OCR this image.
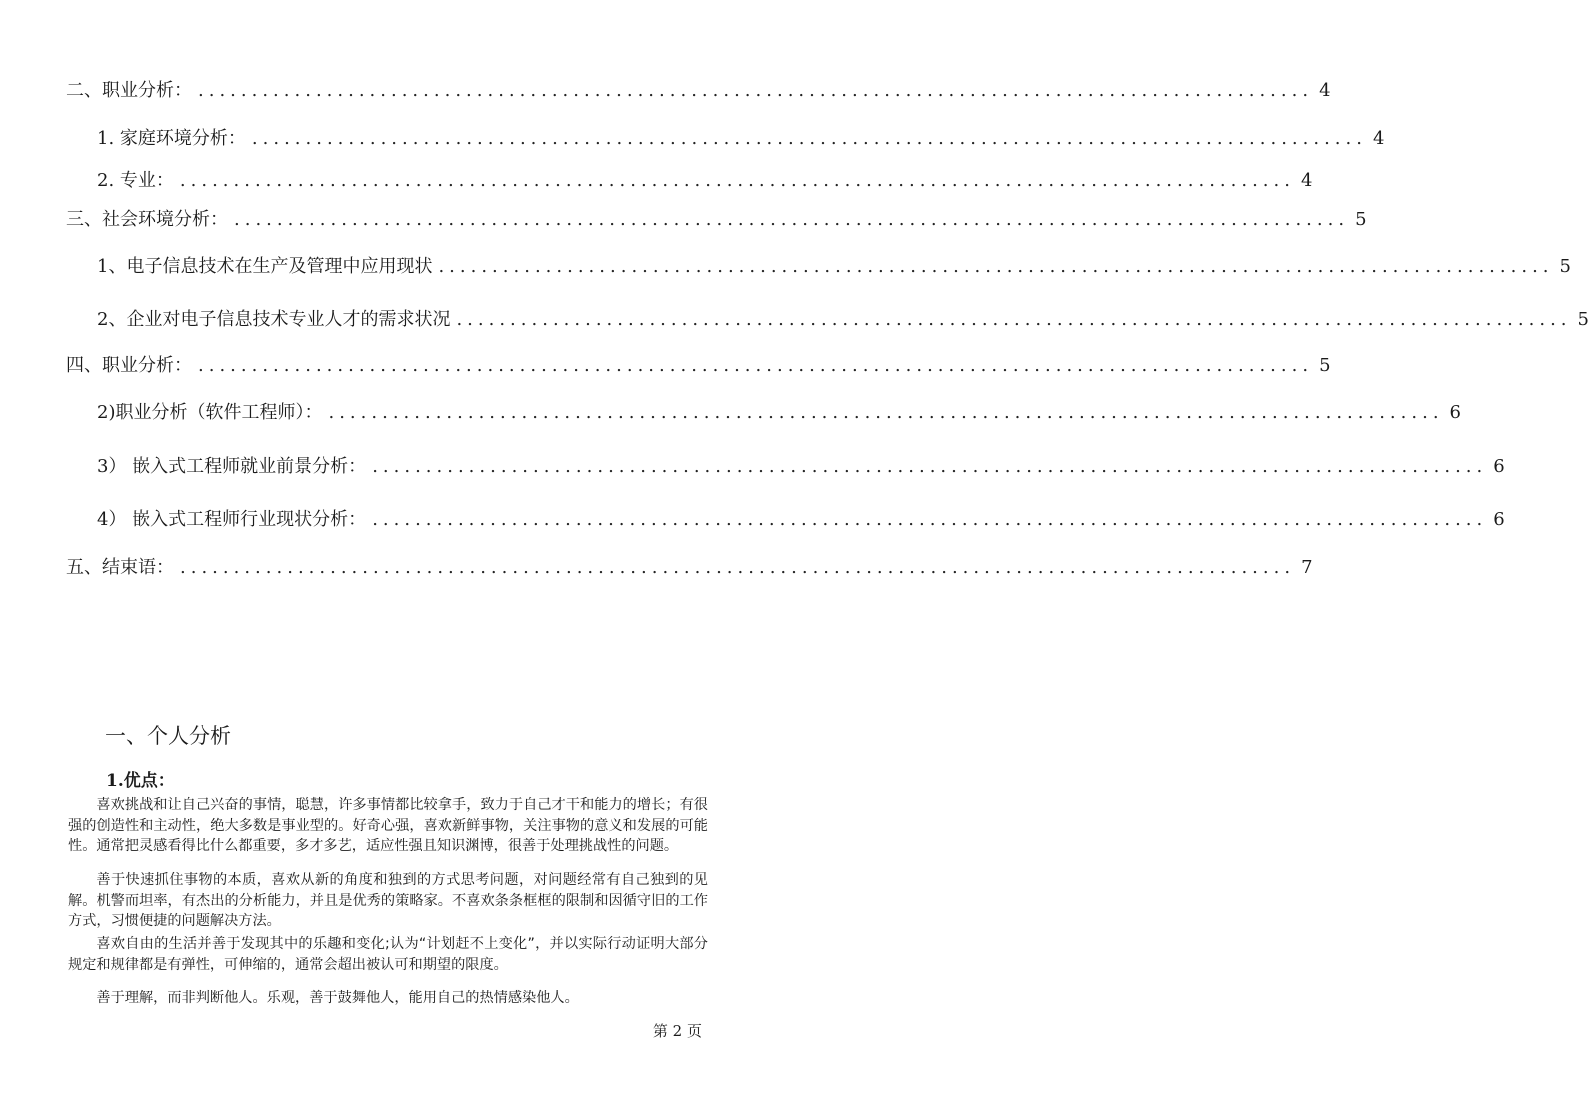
二、职业分析： ........................................................................................................ 4
1. 家庭环境分析： ........................................................................................................ 4
2. 专业： ........................................................................................................ 4
三、社会环境分析： ........................................................................................................ 5
1、电子信息技术在生产及管理中应用现状 ........................................................................................................ 5
2、企业对电子信息技术专业人才的需求状况 ........................................................................................................ 5
四、职业分析： ........................................................................................................ 5
2)职业分析（软件工程师）： ........................................................................................................ 6
3） 嵌入式工程师就业前景分析： ........................................................................................................ 6
4） 嵌入式工程师行业现状分析： ........................................................................................................ 6
五、结束语： ........................................................................................................ 7
一、个人分析
1.优点：

喜欢挑战和让自己兴奋的事情，聪慧，许多事情都比较拿手，致力于自己才干和能力的增长；有很强的创造性和主动性，绝大多数是事业型的。好奇心强，喜欢新鲜事物，关注事物的意义和发展的可能性。通常把灵感看得比什么都重要，多才多艺，适应性强且知识渊博，很善于处理挑战性的问题。

善于快速抓住事物的本质，喜欢从新的角度和独到的方式思考问题，对问题经常有自己独到的见解。机警而坦率，有杰出的分析能力，并且是优秀的策略家。不喜欢条条框框的限制和因循守旧的工作方式，习惯便捷的问题解决方法。

喜欢自由的生活并善于发现其中的乐趣和变化;认为“计划赶不上变化”，并以实际行动证明大部分规定和规律都是有弹性，可伸缩的，通常会超出被认可和期望的限度。

善于理解，而非判断他人。乐观，善于鼓舞他人，能用自己的热情感染他人。

第 2 页
